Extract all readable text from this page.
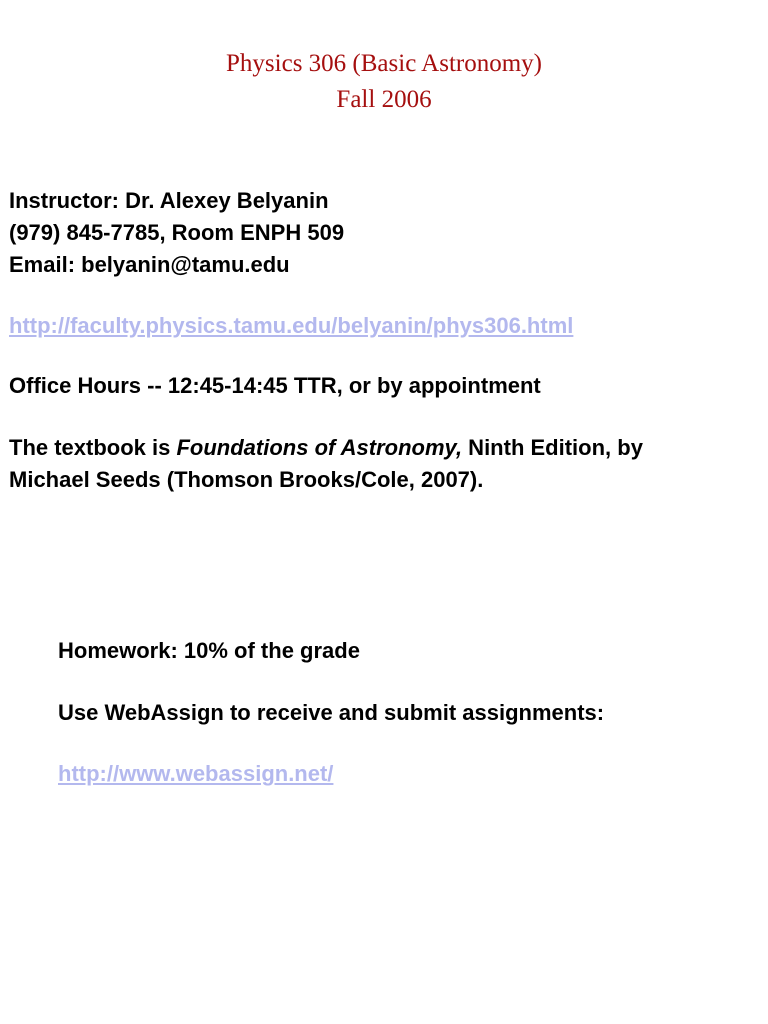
Physics 306 (Basic Astronomy)
Fall 2006

Instructor: Dr. Alexey Belyanin

(979) 845-7785, Room ENPH 509

Email: belyanin@tamu.edu

http://faculty.physics.tamu.edu/belyanin/phys306.html

Office Hours -- 12:45-14:45 TTR, or by appointment

The textbook is Foundations of Astronomy, Ninth Edition, by

Michael Seeds (Thomson Brooks/Cole, 2007).

Homework: 10% of the grade

Use WebAssign to receive and submit assignments:

http://www.webassign.net/
